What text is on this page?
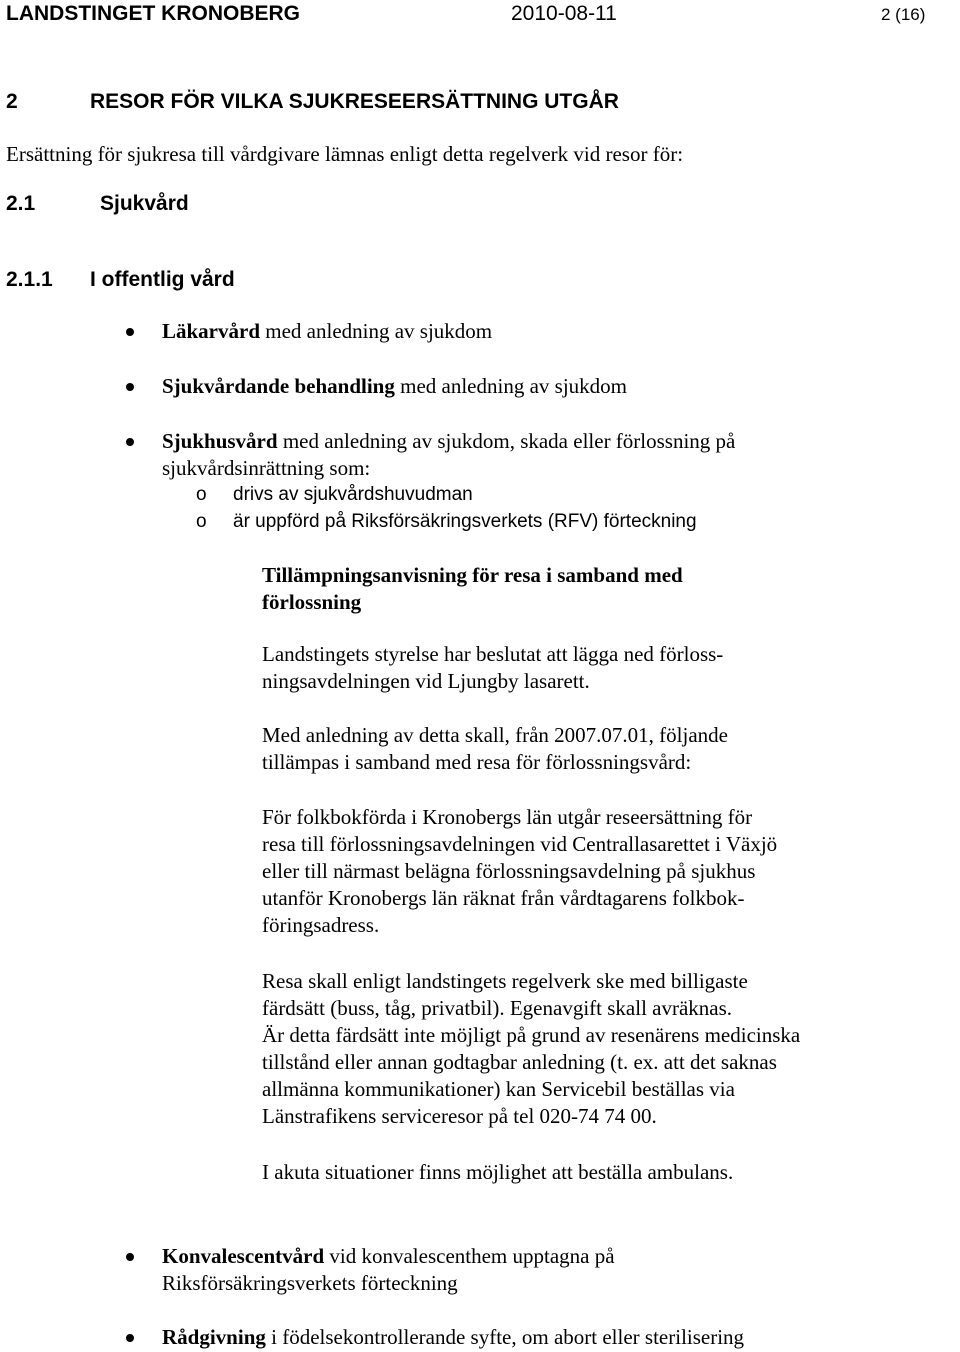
LANDSTINGET KRONOBERG	2010-08-11	2 (16)
2	RESOR FÖR VILKA SJUKRESEERSÄTTNING UTGÅR
Ersättning för sjukresa till vårdgivare lämnas enligt detta regelverk vid resor för:
2.1	Sjukvård
2.1.1 I offentlig vård
Läkarvård med anledning av sjukdom
Sjukvårdande behandling med anledning av sjukdom
Sjukhusvård med anledning av sjukdom, skada eller förlossning på
sjukvårdsinrättning som:
o drivs av sjukvårdshuvudman
o är uppförd på Riksförsäkringsverkets (RFV) förteckning
Tillämpningsanvisning för resa i samband med
förlossning
Landstingets styrelse har beslutat att lägga ned förloss-
ningsavdelningen vid Ljungby lasarett.
Med anledning av detta skall, från 2007.07.01, följande
tillämpas i samband med resa för förlossningsvård:
För folkbokförda i Kronobergs län utgår reseersättning för
resa till förlossningsavdelningen vid Centrallasarettet i Växjö
eller till närmast belägna förlossningsavdelning på sjukhus
utanför Kronobergs län räknat från vårdtagarens folkbok-
föringsadress.
Resa skall enligt landstingets regelverk ske med billigaste
färdsätt (buss, tåg, privatbil). Egenavgift skall avräknas.
Är detta färdsätt inte möjligt på grund av resenärens medicinska
tillstånd eller annan godtagbar anledning (t. ex. att det saknas
allmänna kommunikationer) kan Servicebil beställas via
Länstrafikens serviceresor på tel 020-74 74 00.
I akuta situationer finns möjlighet att beställa ambulans.
Konvalescentvård vid konvalescenthem upptagna på
Riksförsäkringsverkets förteckning
Rådgivning i födelsekontrollerande syfte, om abort eller sterilisering
